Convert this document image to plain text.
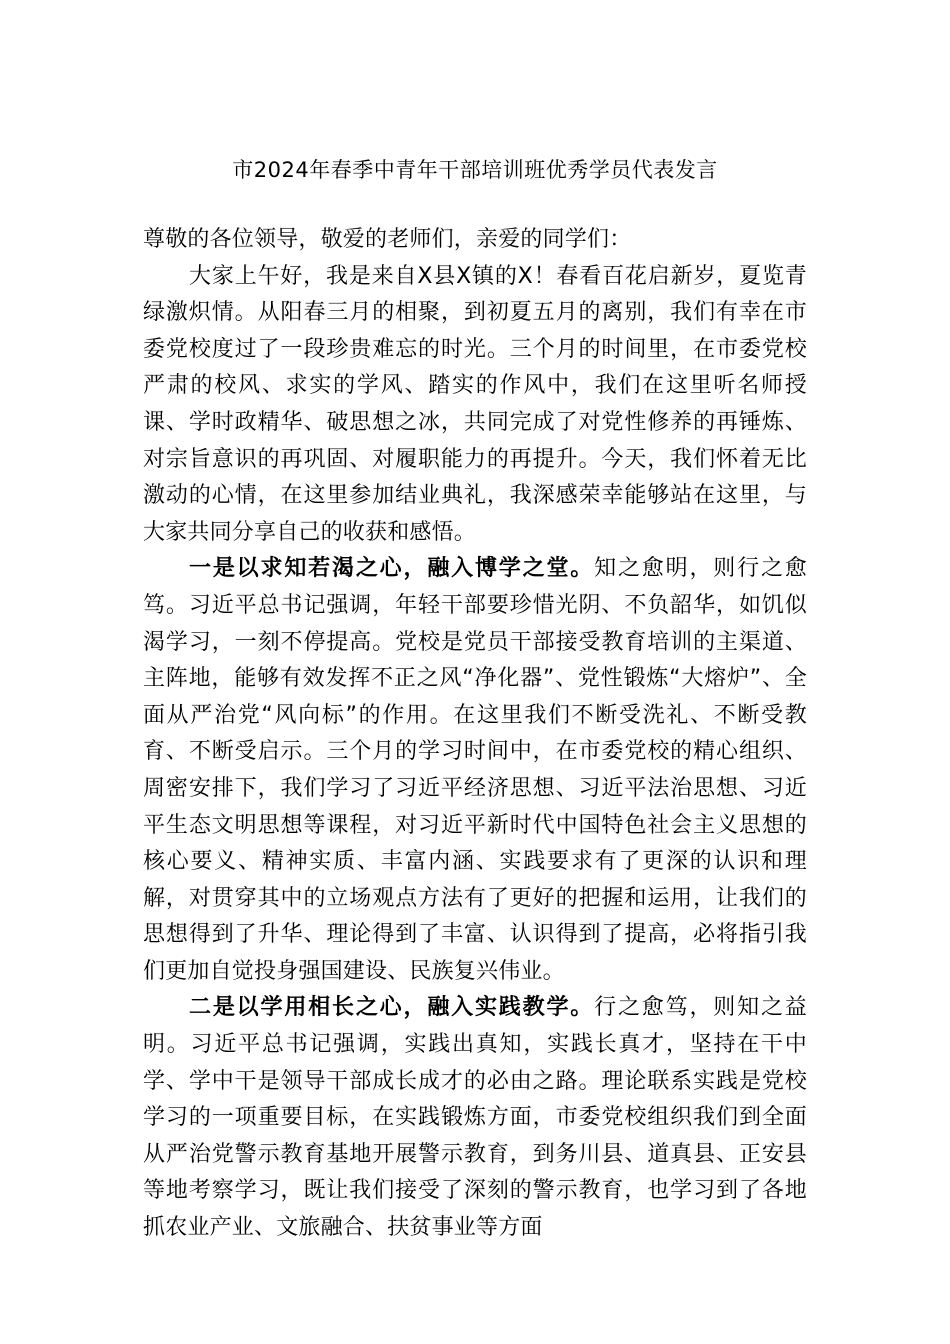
市2024年春季中青年干部培训班优秀学员代表发言

尊敬的各位领导，敬爱的老师们，亲爱的同学们：

大家上午好，我是来自X县X镇的X！春看百花启新岁，夏览青绿激炽情。从阳春三月的相聚，到初夏五月的离别，我们有幸在市委党校度过了一段珍贵难忘的时光。三个月的时间里，在市委党校严肃的校风、求实的学风、踏实的作风中，我们在这里听名师授课、学时政精华、破思想之冰，共同完成了对党性修养的再锤炼、对宗旨意识的再巩固、对履职能力的再提升。今天，我们怀着无比激动的心情，在这里参加结业典礼，我深感荣幸能够站在这里，与大家共同分享自己的收获和感悟。

一是以求知若渴之心，融入博学之堂。知之愈明，则行之愈笃。习近平总书记强调，年轻干部要珍惜光阴、不负韶华，如饥似渴学习，一刻不停提高。党校是党员干部接受教育培训的主渠道、主阵地，能够有效发挥不正之风“净化器”、党性锻炼“大熔炉”、全面从严治党“风向标”的作用。在这里我们不断受洗礼、不断受教育、不断受启示。三个月的学习时间中，在市委党校的精心组织、周密安排下，我们学习了习近平经济思想、习近平法治思想、习近平生态文明思想等课程，对习近平新时代中国特色社会主义思想的核心要义、精神实质、丰富内涵、实践要求有了更深的认识和理解，对贯穿其中的立场观点方法有了更好的把握和运用，让我们的思想得到了升华、理论得到了丰富、认识得到了提高，必将指引我们更加自觉投身强国建设、民族复兴伟业。

二是以学用相长之心，融入实践教学。行之愈笃，则知之益明。习近平总书记强调，实践出真知，实践长真才，坚持在干中学、学中干是领导干部成长成才的必由之路。理论联系实践是党校学习的一项重要目标，在实践锻炼方面，市委党校组织我们到全面从严治党警示教育基地开展警示教育，到务川县、道真县、正安县等地考察学习，既让我们接受了深刻的警示教育，也学习到了各地抓农业产业、文旅融合、扶贫事业等方面
